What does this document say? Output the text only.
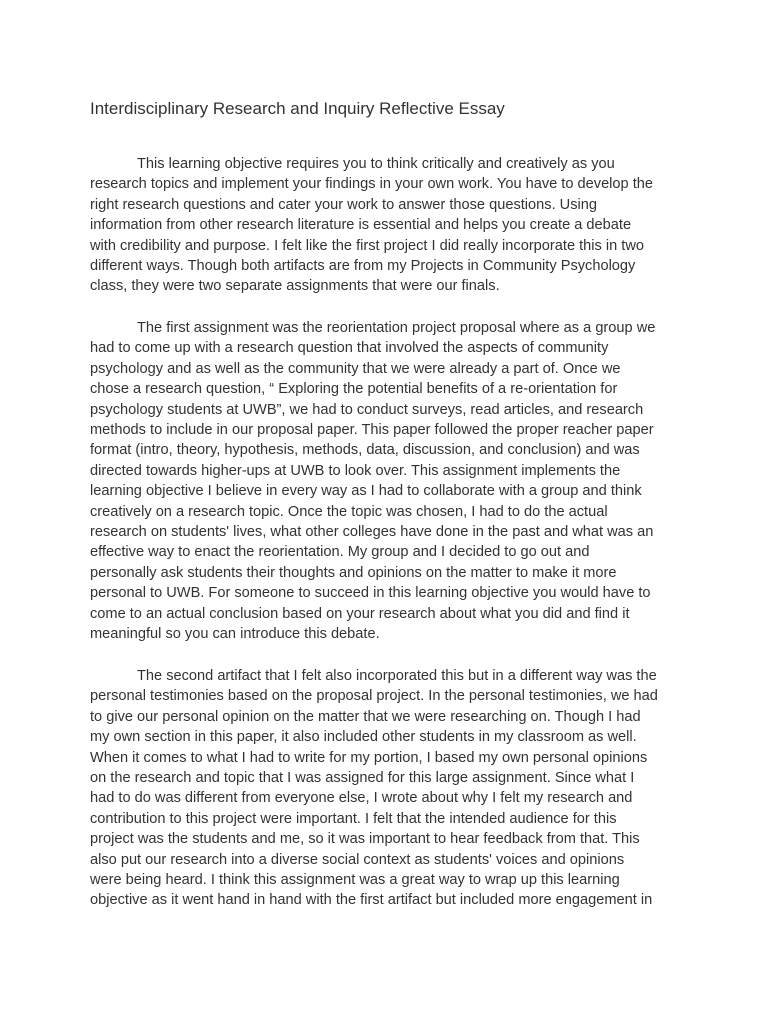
Interdisciplinary Research and Inquiry Reflective Essay

This learning objective requires you to think critically and creatively as you
research topics and implement your findings in your own work. You have to develop the
right research questions and cater your work to answer those questions. Using
information from other research literature is essential and helps you create a debate
with credibility and purpose. I felt like the first project I did really incorporate this in two
different ways. Though both artifacts are from my Projects in Community Psychology
class, they were two separate assignments that were our finals.

The first assignment was the reorientation project proposal where as a group we
had to come up with a research question that involved the aspects of community
psychology and as well as the community that we were already a part of. Once we
chose a research question, “ Exploring the potential benefits of a re-orientation for
psychology students at UWB”, we had to conduct surveys, read articles, and research
methods to include in our proposal paper. This paper followed the proper reacher paper
format (intro, theory, hypothesis, methods, data, discussion, and conclusion) and was
directed towards higher-ups at UWB to look over. This assignment implements the
learning objective I believe in every way as I had to collaborate with a group and think
creatively on a research topic. Once the topic was chosen, I had to do the actual
research on students' lives, what other colleges have done in the past and what was an
effective way to enact the reorientation. My group and I decided to go out and
personally ask students their thoughts and opinions on the matter to make it more
personal to UWB. For someone to succeed in this learning objective you would have to
come to an actual conclusion based on your research about what you did and find it
meaningful so you can introduce this debate.

The second artifact that I felt also incorporated this but in a different way was the
personal testimonies based on the proposal project. In the personal testimonies, we had
to give our personal opinion on the matter that we were researching on. Though I had
my own section in this paper, it also included other students in my classroom as well.
When it comes to what I had to write for my portion, I based my own personal opinions
on the research and topic that I was assigned for this large assignment. Since what I
had to do was different from everyone else, I wrote about why I felt my research and
contribution to this project were important. I felt that the intended audience for this
project was the students and me, so it was important to hear feedback from that. This
also put our research into a diverse social context as students' voices and opinions
were being heard. I think this assignment was a great way to wrap up this learning
objective as it went hand in hand with the first artifact but included more engagement in
